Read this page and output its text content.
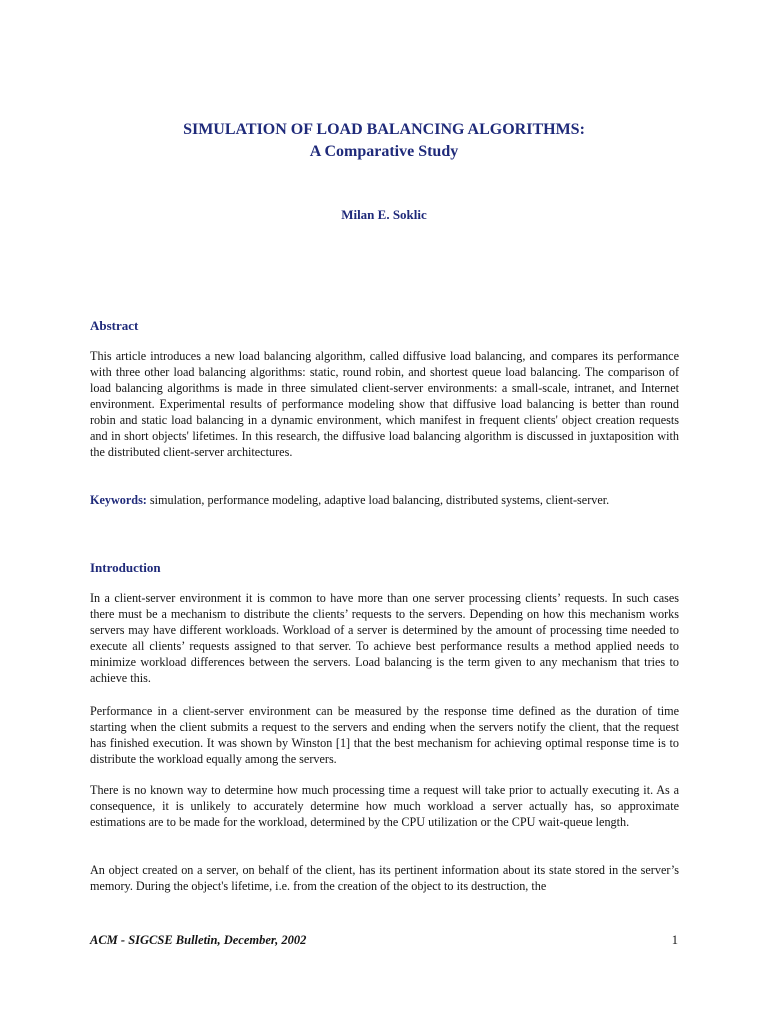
SIMULATION OF LOAD BALANCING ALGORITHMS:
A Comparative Study
Milan E. Soklic
Abstract

This article introduces a new load balancing algorithm, called diffusive load balancing, and compares its performance with three other load balancing algorithms: static, round robin, and shortest queue load balancing. The comparison of load balancing algorithms is made in three simulated client-server environments: a small-scale, intranet, and Internet environment. Experimental results of performance modeling show that diffusive load balancing is better than round robin and static load balancing in a dynamic environment, which manifest in frequent clients' object creation requests and in short objects' lifetimes. In this research, the diffusive load balancing algorithm is discussed in juxtaposition with the distributed client-server architectures.

Keywords: simulation, performance modeling, adaptive load balancing, distributed systems, client-server.

Introduction

In a client-server environment it is common to have more than one server processing clients’ requests. In such cases there must be a mechanism to distribute the clients’ requests to the servers. Depending on how this mechanism works servers may have different workloads. Workload of a server is determined by the amount of processing time needed to execute all clients’ requests assigned to that server. To achieve best performance results a method applied needs to minimize workload differences between the servers. Load balancing is the term given to any mechanism that tries to achieve this.

Performance in a client-server environment can be measured by the response time defined as the duration of time starting when the client submits a request to the servers and ending when the servers notify the client, that the request has finished execution. It was shown by Winston [1] that the best mechanism for achieving optimal response time is to distribute the workload equally among the servers.

There is no known way to determine how much processing time a request will take prior to actually executing it. As a consequence, it is unlikely to accurately determine how much workload a server actually has, so approximate estimations are to be made for the workload, determined by the CPU utilization or the CPU wait-queue length.

An object created on a server, on behalf of the client, has its pertinent information about its state stored in the server’s memory. During the object's lifetime, i.e. from the creation of the object to its destruction, the

ACM - SIGCSE Bulletin, December, 2002	1
